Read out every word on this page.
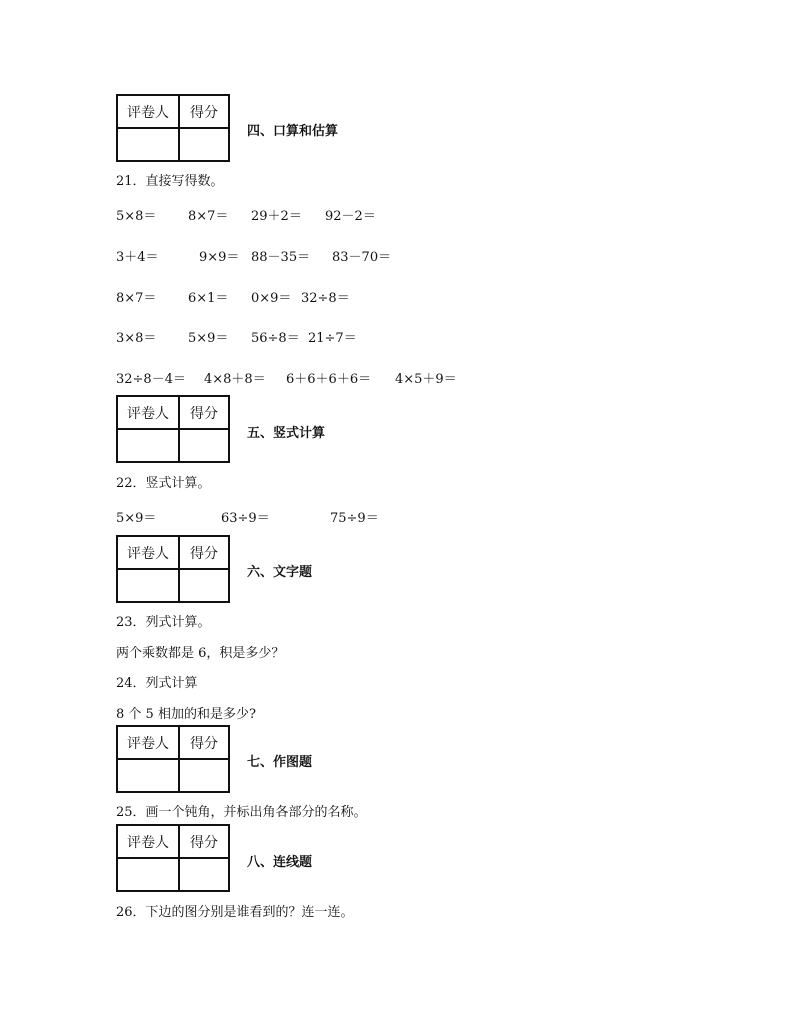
评卷人	得分

四、口算和估算
21．直接写得数。
5×8＝ 8×7＝ 29＋2＝ 92－2＝
3＋4＝	9×9＝ 88－35＝ 83－70＝
8×7＝ 6×1＝ 0×9＝ 32÷8＝
3×8＝ 5×9＝ 56÷8＝ 21÷7＝
32÷8－4＝ 4×8＋8＝ 6＋6＋6＋6＝ 4×5＋9＝
评卷人	得分

五、竖式计算
22．竖式计算。
5×9＝	63÷9＝	75÷9＝
评卷人	得分

六、文字题
23．列式计算。
两个乘数都是 6，积是多少？
24．列式计算
8 个 5 相加的和是多少?
评卷人	得分

七、作图题
25．画一个钝角，并标出角各部分的名称。
评卷人	得分

八、连线题
26．下边的图分别是谁看到的？连一连。
